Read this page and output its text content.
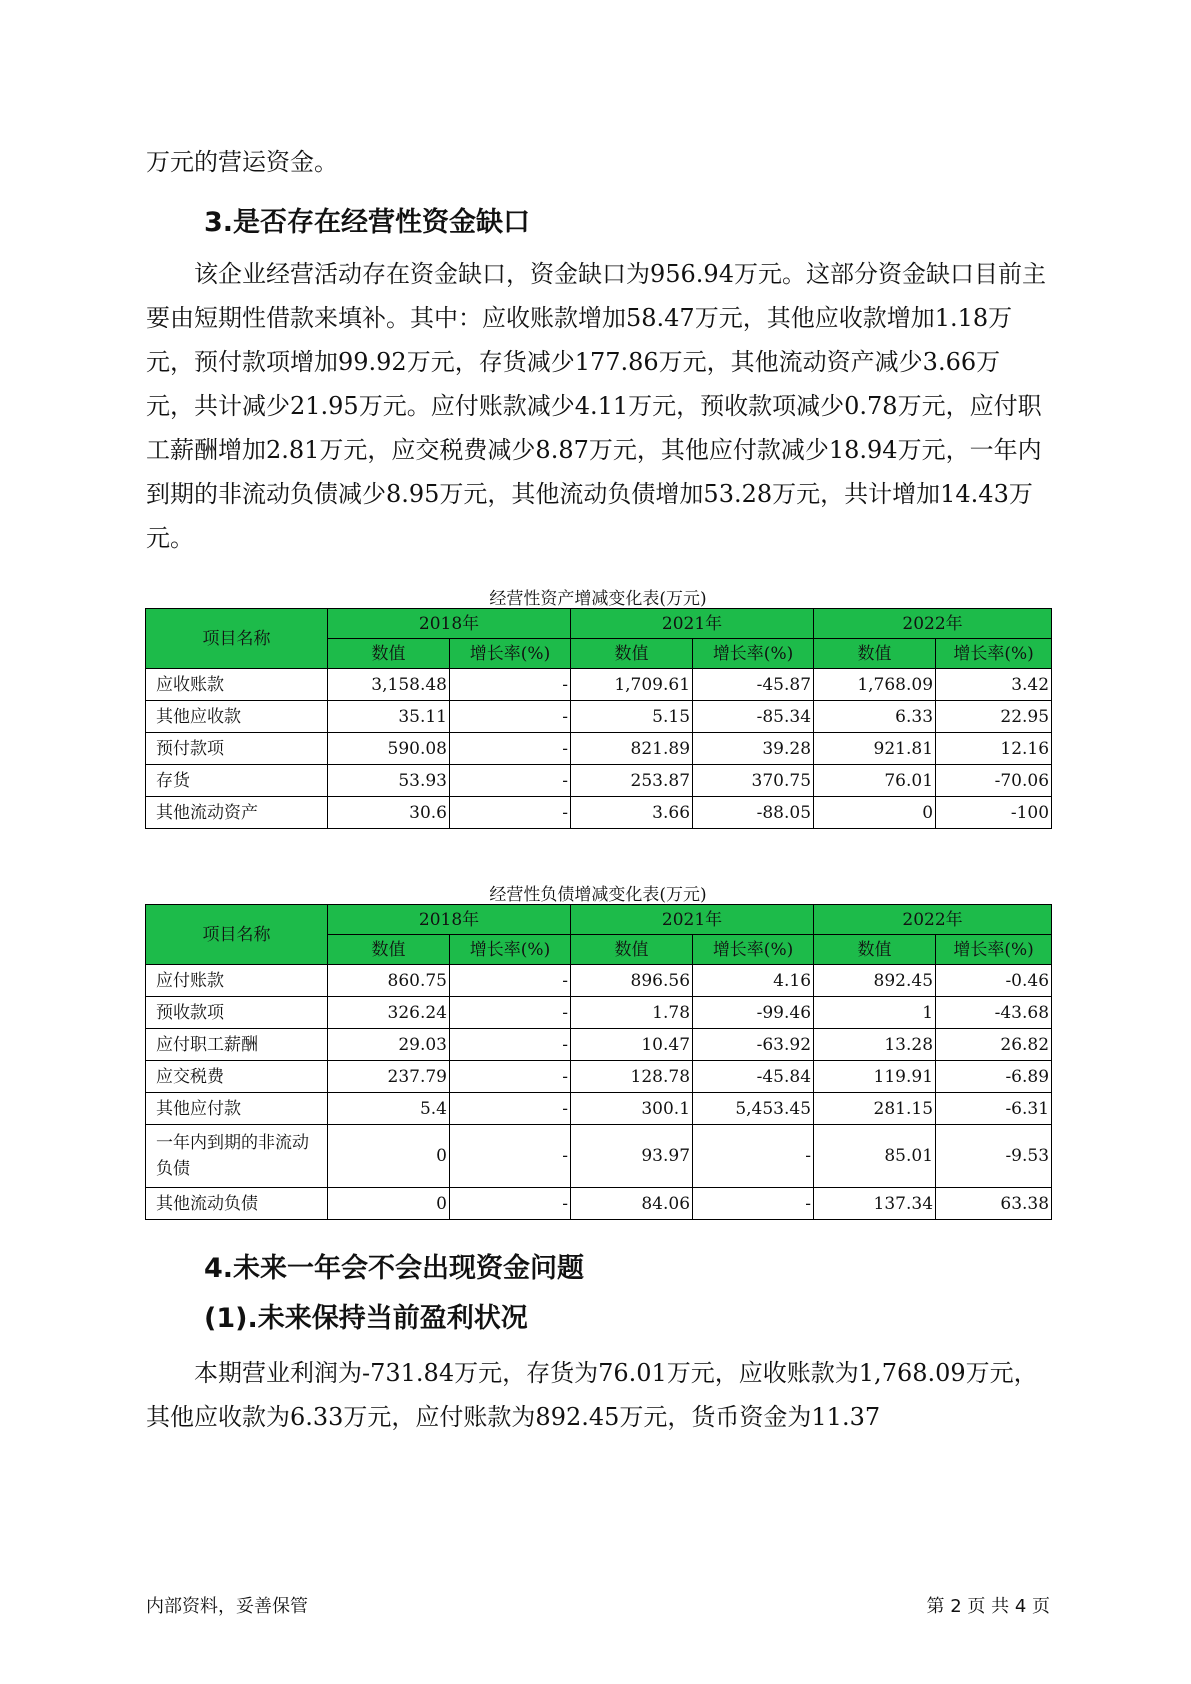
万元的营运资金。

3.是否存在经营性资金缺口

该企业经营活动存在资金缺口，资金缺口为956.94万元。这部分资金缺口目前主要由短期性借款来填补。其中：应收账款增加58.47万元，其他应收款增加1.18万元，预付款项增加99.92万元，存货减少177.86万元，其他流动资产减少3.66万元，共计减少21.95万元。应付账款减少4.11万元，预收款项减少0.78万元，应付职工薪酬增加2.81万元，应交税费减少8.87万元，其他应付款减少18.94万元，一年内到期的非流动负债减少8.95万元，其他流动负债增加53.28万元，共计增加14.43万元。

经营性资产增减变化表(万元)

项目名称	2018年		2021年		2022年	
	数值	增长率(%)	数值	增长率(%)	数值	增长率(%)
应收账款	3,158.48	-	1,709.61	-45.87	1,768.09	3.42
其他应收款	35.11	-	5.15	-85.34	6.33	22.95
预付款项	590.08	-	821.89	39.28	921.81	12.16
存货	53.93	-	253.87	370.75	76.01	-70.06
其他流动资产	30.6	-	3.66	-88.05	0	-100

经营性负债增减变化表(万元)

项目名称	2018年		2021年		2022年	
	数值	增长率(%)	数值	增长率(%)	数值	增长率(%)
应付账款	860.75	-	896.56	4.16	892.45	-0.46
预收款项	326.24	-	1.78	-99.46	1	-43.68
应付职工薪酬	29.03	-	10.47	-63.92	13.28	26.82
应交税费	237.79	-	128.78	-45.84	119.91	-6.89
其他应付款	5.4	-	300.1	5,453.45	281.15	-6.31
一年内到期的非流动负债	0	-	93.97	-	85.01	-9.53
其他流动负债	0	-	84.06	-	137.34	63.38
4.未来一年会不会出现资金问题
(1).未来保持当前盈利状况

本期营业利润为-731.84万元，存货为76.01万元，应收账款为1,768.09万元，其他应收款为6.33万元，应付账款为892.45万元，货币资金为11.37

内部资料，妥善保管	第 2 页 共 4 页
